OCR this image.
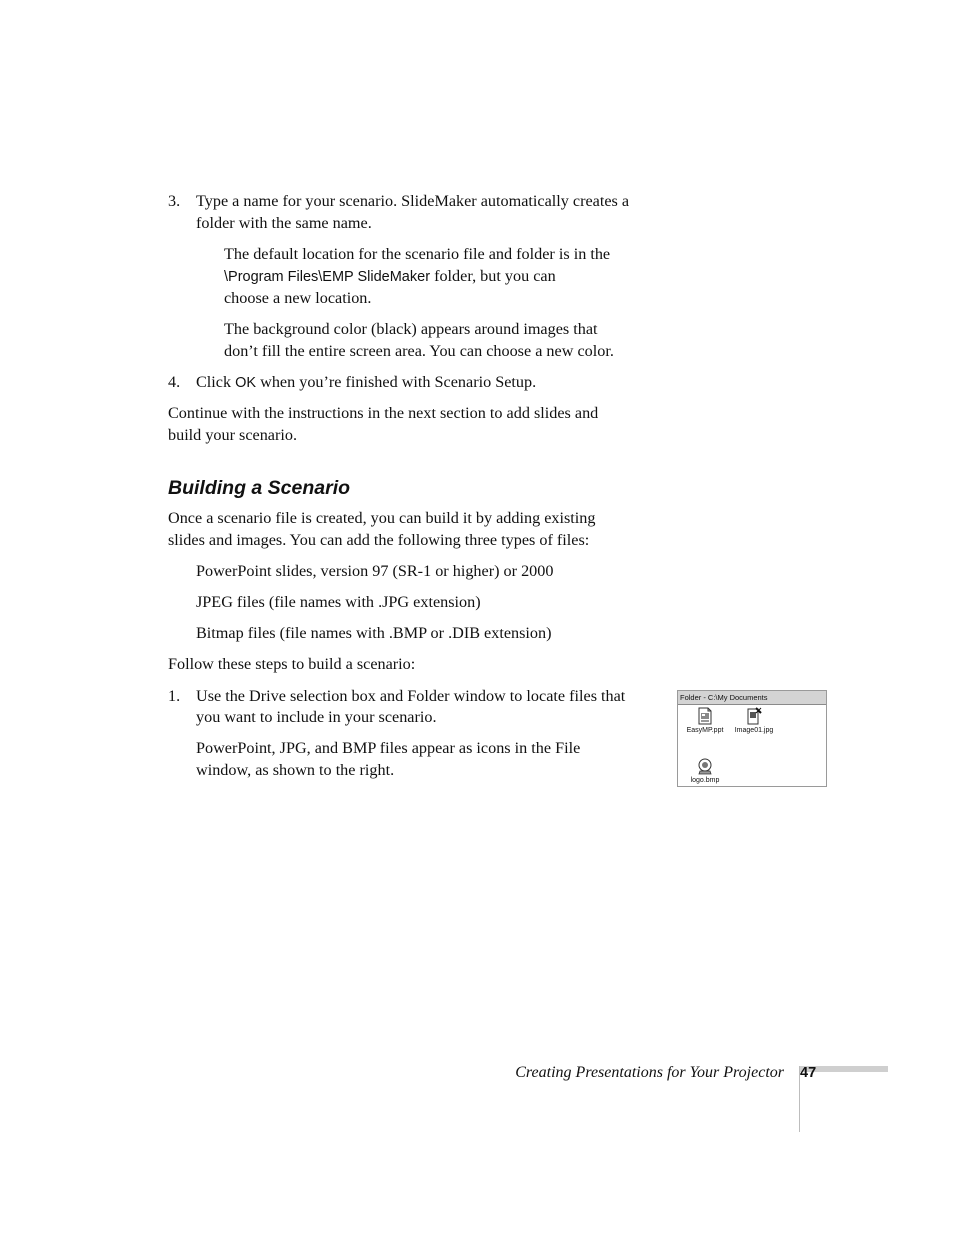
3. Type a name for your scenario. SlideMaker automatically creates a

folder with the same name.

The default location for the scenario file and folder is in the

\Program Files\EMP SlideMaker folder, but you can

choose a new location.

The background color (black) appears around images that

don’t fill the entire screen area. You can choose a new color.

4. Click OK when you’re finished with Scenario Setup.

Continue with the instructions in the next section to add slides and

build your scenario.

Building a Scenario

Once a scenario file is created, you can build it by adding existing

slides and images. You can add the following three types of files:

PowerPoint slides, version 97 (SR-1 or higher) or 2000

JPEG files (file names with .JPG extension)

Bitmap files (file names with .BMP or .DIB extension)

Follow these steps to build a scenario:

1. Use the Drive selection box and Folder window to locate files that

you want to include in your scenario.

PowerPoint, JPG, and BMP files appear as icons in the File

window, as shown to the right.

Folder - C:\My Documents
EasyMP.ppt	Image01.jpg
logo.bmp
Creating Presentations for Your Projector 47
